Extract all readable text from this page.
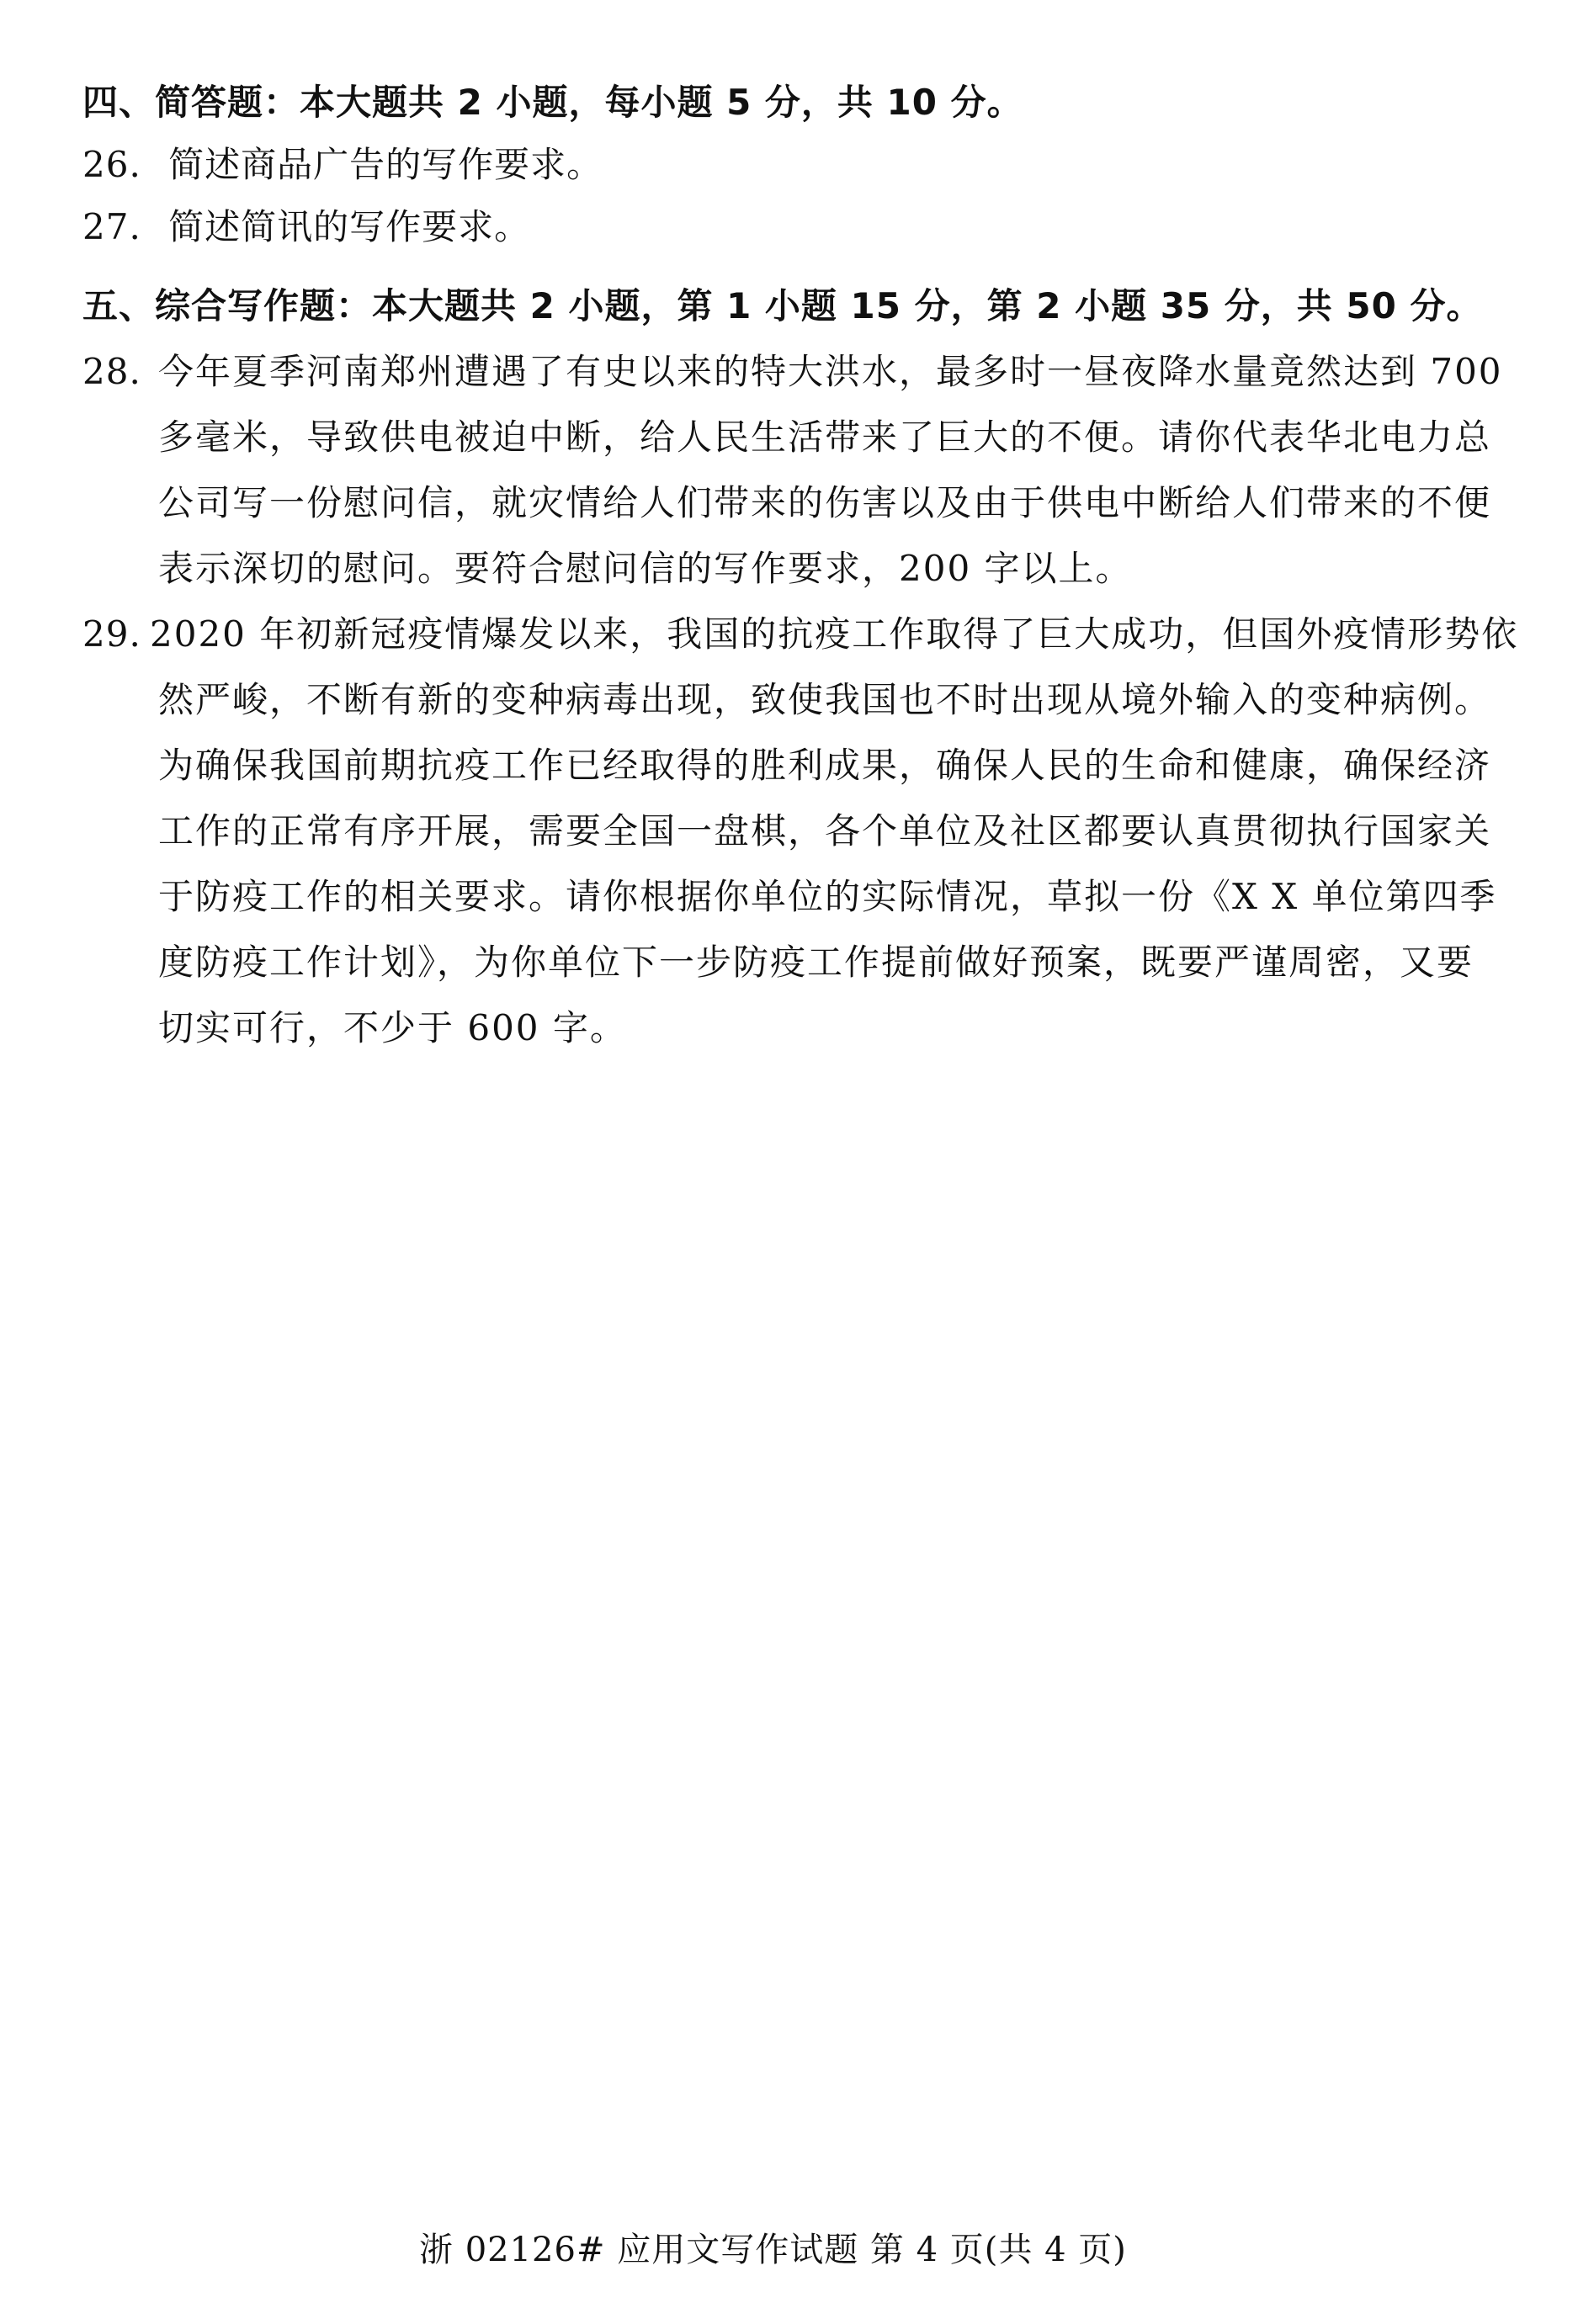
四、简答题：本大题共 2 小题，每小题 5 分，共 10 分。
26. 简述商品广告的写作要求。
27. 简述简讯的写作要求。
五、综合写作题：本大题共 2 小题，第 1 小题 15 分，第 2 小题 35 分，共 50 分。
28. 今年夏季河南郑州遭遇了有史以来的特大洪水，最多时一昼夜降水量竟然达到 700
多毫米，导致供电被迫中断，给人民生活带来了巨大的不便。请你代表华北电力总
公司写一份慰问信，就灾情给人们带来的伤害以及由于供电中断给人们带来的不便
表示深切的慰问。要符合慰问信的写作要求，200 字以上。
29. 2020 年初新冠疫情爆发以来，我国的抗疫工作取得了巨大成功，但国外疫情形势依
然严峻，不断有新的变种病毒出现，致使我国也不时出现从境外输入的变种病例。
为确保我国前期抗疫工作已经取得的胜利成果，确保人民的生命和健康，确保经济
工作的正常有序开展，需要全国一盘棋，各个单位及社区都要认真贯彻执行国家关
于防疫工作的相关要求。请你根据你单位的实际情况，草拟一份《X X 单位第四季
度防疫工作计划》，为你单位下一步防疫工作提前做好预案，既要严谨周密，又要
切实可行，不少于 600 字。
浙 02126# 应用文写作试题 第 4 页(共 4 页)
